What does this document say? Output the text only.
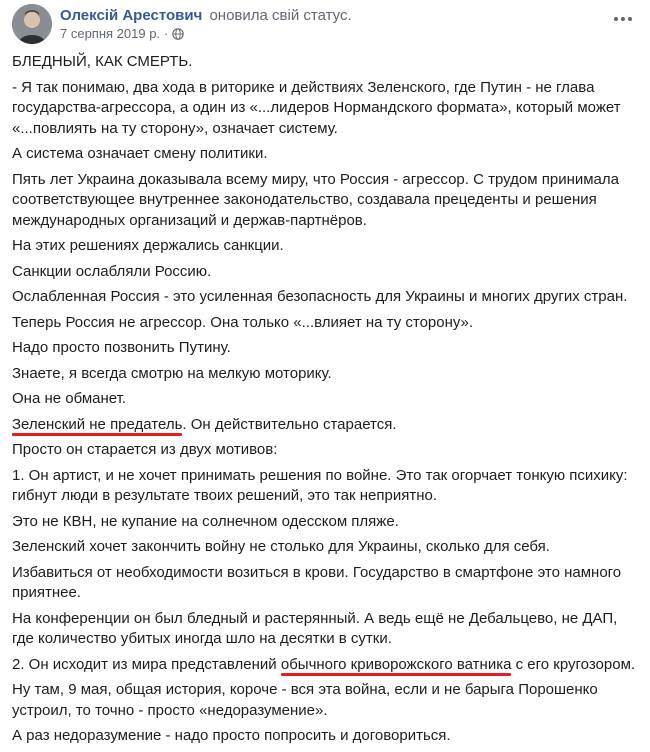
Олексій Арестович оновила свій статус.
7 серпня 2019 р. ·

БЛЕДНЫЙ, КАК СМЕРТЬ.

- Я так понимаю, два хода в риторике и действиях Зеленского, где Путин - не глава государства-агрессора, а один из «...лидеров Нормандского формата», который может «...повлиять на ту сторону», означает систему.

А система означает смену политики.

Пять лет Украина доказывала всему миру, что Россия - агрессор. С трудом принимала соответствующее внутреннее законодательство, создавала прецеденты и решения международных организаций и держав-партнёров.

На этих решениях держались санкции.

Санкции ослабляли Россию.

Ослабленная Россия - это усиленная безопасность для Украины и многих других стран.

Теперь Россия не агрессор. Она только «...влияет на ту сторону».

Надо просто позвонить Путину.

Знаете, я всегда смотрю на мелкую моторику.

Она не обманет.

Зеленский не предатель. Он действительно старается.

Просто он старается из двух мотивов:

1. Он артист, и не хочет принимать решения по войне. Это так огорчает тонкую психику: гибнут люди в результате твоих решений, это так неприятно.

Это не КВН, не купание на солнечном одесском пляже.

Зеленский хочет закончить войну не столько для Украины, сколько для себя.

Избавиться от необходимости возиться в крови. Государство в смартфоне это намного приятнее.

На конференции он был бледный и растерянный. А ведь ещё не Дебальцево, не ДАП, где количество убитых иногда шло на десятки в сутки.

2. Он исходит из мира представлений обычного криворожского ватника с его кругозором.

Ну там, 9 мая, общая история, короче - вся эта война, если и не барыга Порошенко устроил, то точно - просто «недоразумение».

А раз недоразумение - надо просто попросить и договориться.
